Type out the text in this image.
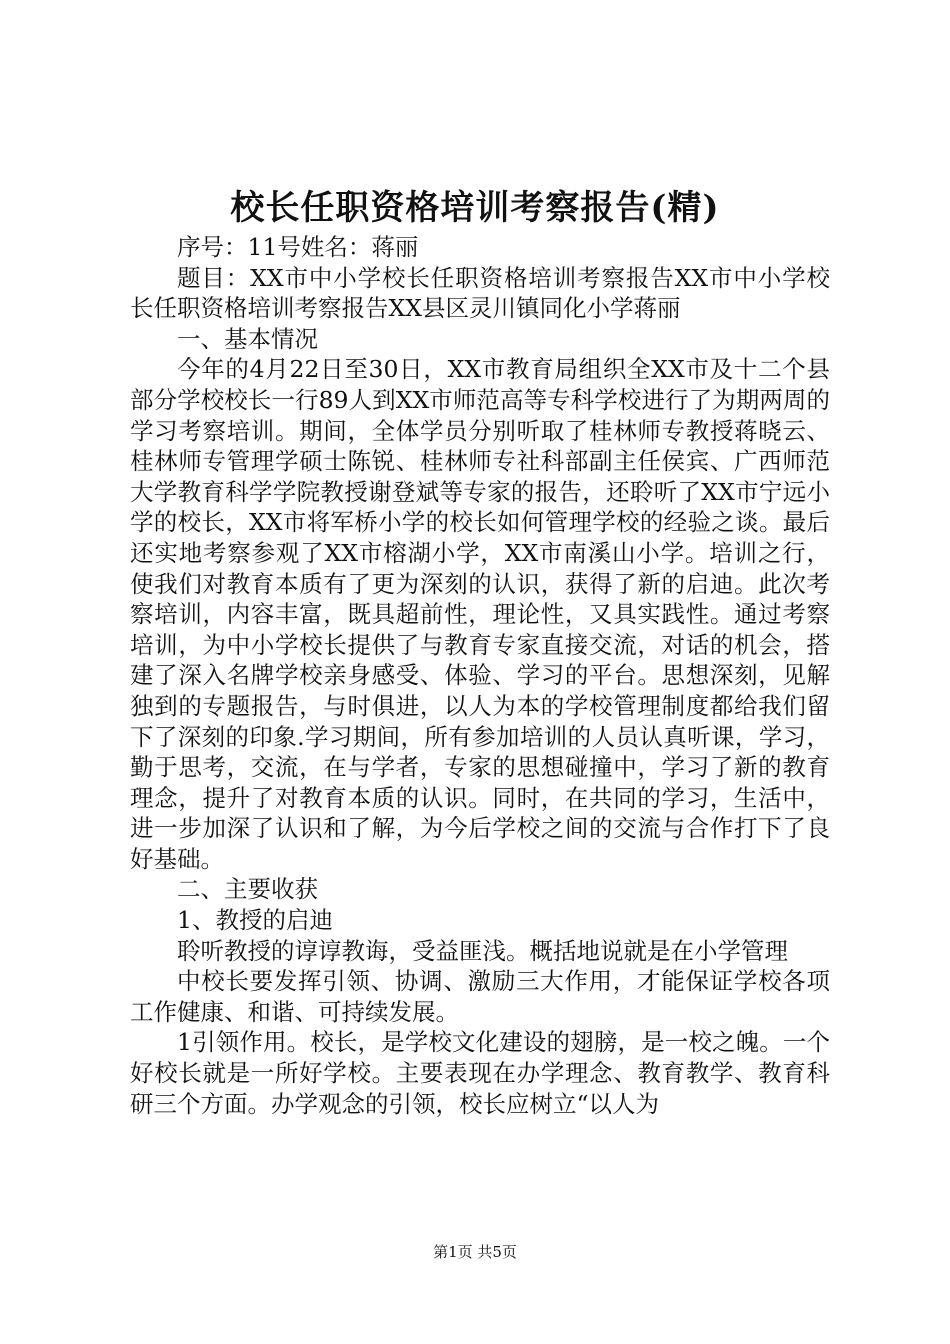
校长任职资格培训考察报告(精)

序号：11号姓名：蒋丽

题目：XX市中小学校长任职资格培训考察报告XX市中小学校长任职资格培训考察报告XX县区灵川镇同化小学蒋丽

一、基本情况

今年的4月22日至30日，XX市教育局组织全XX市及十二个县部分学校校长一行89人到XX市师范高等专科学校进行了为期两周的学习考察培训。期间，全体学员分别听取了桂林师专教授蒋晓云、桂林师专管理学硕士陈锐、桂林师专社科部副主任侯宾、广西师范大学教育科学学院教授谢登斌等专家的报告，还聆听了XX市宁远小学的校长，XX市将军桥小学的校长如何管理学校的经验之谈。最后还实地考察参观了XX市榕湖小学，XX市南溪山小学。培训之行，使我们对教育本质有了更为深刻的认识，获得了新的启迪。此次考察培训，内容丰富，既具超前性，理论性，又具实践性。通过考察培训，为中小学校长提供了与教育专家直接交流，对话的机会，搭建了深入名牌学校亲身感受、体验、学习的平台。思想深刻，见解独到的专题报告，与时俱进，以人为本的学校管理制度都给我们留下了深刻的印象.学习期间，所有参加培训的人员认真听课，学习，勤于思考，交流，在与学者，专家的思想碰撞中，学习了新的教育理念，提升了对教育本质的认识。同时，在共同的学习，生活中，进一步加深了认识和了解，为今后学校之间的交流与合作打下了良好基础。

二、主要收获

1、教授的启迪

聆听教授的谆谆教诲，受益匪浅。概括地说就是在小学管理

中校长要发挥引领、协调、激励三大作用，才能保证学校各项工作健康、和谐、可持续发展。

1引领作用。校长，是学校文化建设的翅膀，是一校之魄。一个好校长就是一所好学校。主要表现在办学理念、教育教学、教育科研三个方面。办学观念的引领，校长应树立“以人为

第1页 共5页
